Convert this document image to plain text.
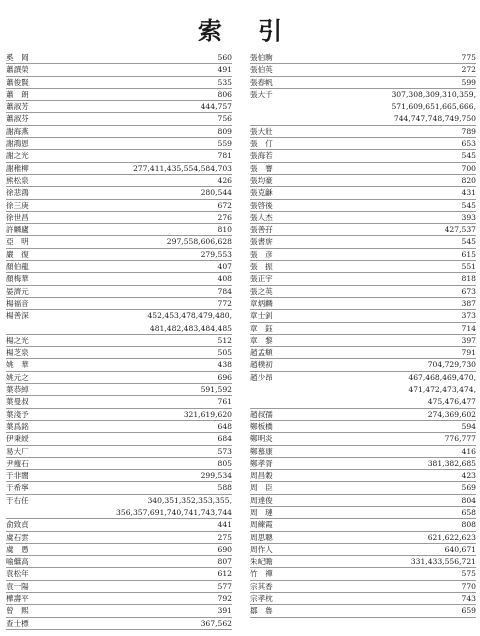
索 引
奚　岡	560
蕭譔榮	491
蕭俊賢	535
蕭　朗	806
蕭淑芳	444,757
蕭淑芬	756
謝海燕	809
謝鴻恩	559
謝之光	781
謝稚柳	277,411,435,554,584,703
熊松泉	426
徐悲鴻	280,544
徐三庚	672
徐世昌	276
許麟廬	810
亞　明	297,558,606,628
嚴　復	279,553
顏伯龍	407
顏梅華	408
晏濟元	784
楊福音	772
楊善深	452,453,478,479,480,
481,482,483,484,485
楊之光	512
楊芝泉	505
姚　華	438
姚元之	696
葉恭綽	591,592
葉曼叔	761
葉淺予	321,619,620
葉爲銘	648
伊秉綬	684
易大厂	573
尹瘦石	805
于非闇	299,534
于希寧	588
于右任	340,351,352,353,355,
356,357,691,740,741,743,744
俞致貞	441
虞石雲	275
虞　愚	690
喻繼高	807
袁松年	612
袁一陽	577
樺壽平	792
曾　熙	391
查士標	367,562
張伯駒	775
張伯英	272
張春帆	599
張大千	307,308,309,310,359,
571,609,651,665,666,
744,747,748,749,750
張大壯	789
張　仃	653
張海若	545
張　謇	700
張均豪	820
張克龢	431
張啓後	545
張人杰	393
張善孖	427,537
張書旂	545
張　彦	615
張　振	551
張正宇	818
張之英	673
章炳麟	387
章士釗	373
章　鈺	714
章　黎	397
趙孟頫	791
趙樸初	704,729,730
趙少昂	467,468,469,470,
471,472,473,474,
475,476,477
趙叔孺	274,369,602
鄭板橋	594
鄭明炎	776,777
鄭慕康	416
鄭孝胥	381,382,685
周昌穀	423
周　臣	569
周達俊	804
周　璉	658
周練霞	808
周思聰	621,622,623
周作人	640,671
朱屺瞻	331,433,556,721
竹　禪	575
宗其香	770
宗孝枕	743
鄒　魯	659
